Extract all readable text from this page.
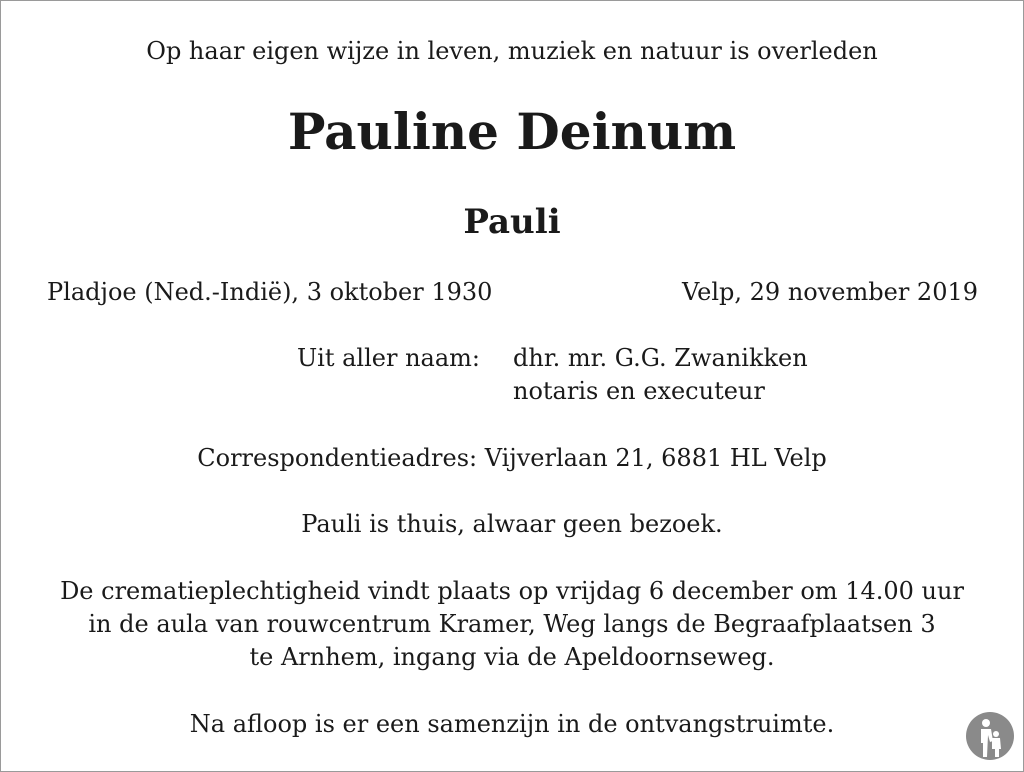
Op haar eigen wijze in leven, muziek en natuur is overleden
Pauline Deinum
Pauli
Pladjoe (Ned.-Indië), 3 oktober 1930	Velp, 29 november 2019
Uit aller naam: dhr. mr. G.G. Zwanikken
notaris en executeur
Correspondentieadres: Vijverlaan 21, 6881 HL Velp
Pauli is thuis, alwaar geen bezoek.
De crematieplechtigheid vindt plaats op vrijdag 6 december om 14.00 uur
in de aula van rouwcentrum Kramer, Weg langs de Begraafplaatsen 3
te Arnhem, ingang via de Apeldoornseweg.
Na afloop is er een samenzijn in de ontvangstruimte.
